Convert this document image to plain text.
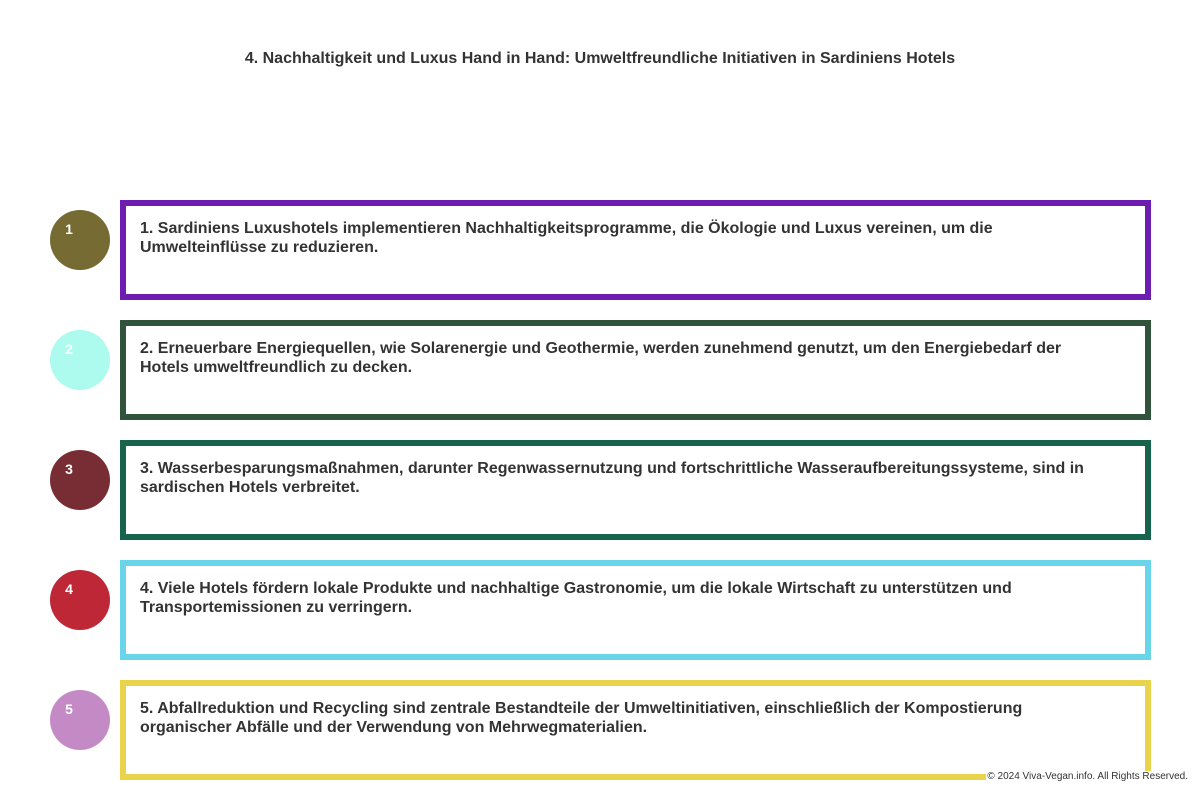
4. Nachhaltigkeit und Luxus Hand in Hand: Umweltfreundliche Initiativen in Sardiniens Hotels
1	1. Sardiniens Luxushotels implementieren Nachhaltigkeitsprogramme, die Ökologie und Luxus vereinen, um die Umwelteinflüsse zu reduzieren.
2	2. Erneuerbare Energiequellen, wie Solarenergie und Geothermie, werden zunehmend genutzt, um den Energiebedarf der Hotels umweltfreundlich zu decken.
3	3. Wasserbesparungsmaßnahmen, darunter Regenwassernutzung und fortschrittliche Wasseraufbereitungssysteme, sind in sardischen Hotels verbreitet.
4	4. Viele Hotels fördern lokale Produkte und nachhaltige Gastronomie, um die lokale Wirtschaft zu unterstützen und Transportemissionen zu verringern.
5	5. Abfallreduktion und Recycling sind zentrale Bestandteile der Umweltinitiativen, einschließlich der Kompostierung organischer Abfälle und der Verwendung von Mehrwegmaterialien.
© 2024 Viva-Vegan.info. All Rights Reserved.
